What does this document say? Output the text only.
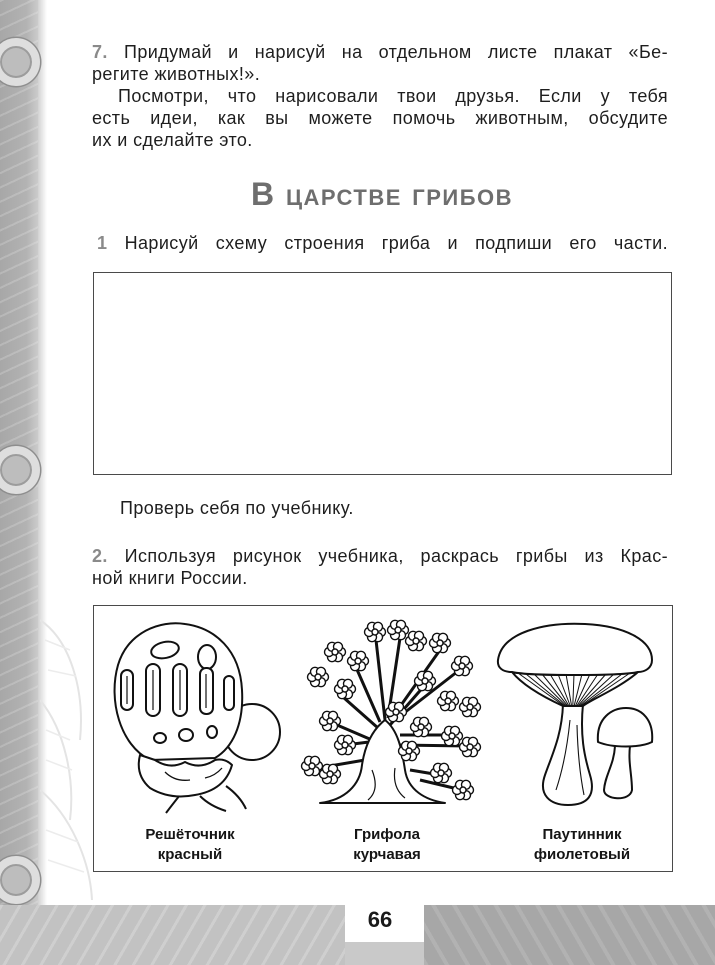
7. Придумай и нарисуй на отдельном листе плакат «Бе-
регите животных!».
Посмотри, что нарисовали твои друзья. Если у тебя
есть идеи, как вы можете помочь животным, обсудите
их и сделайте это.
В царстве грибов
1 Нарисуй схему строения гриба и подпиши его части.
Проверь себя по учебнику.
2. Используя рисунок учебника, раскрась грибы из Крас-
ной книги России.
Решёточник
красный
Грифола
курчавая
Паутинник
фиолетовый
66
